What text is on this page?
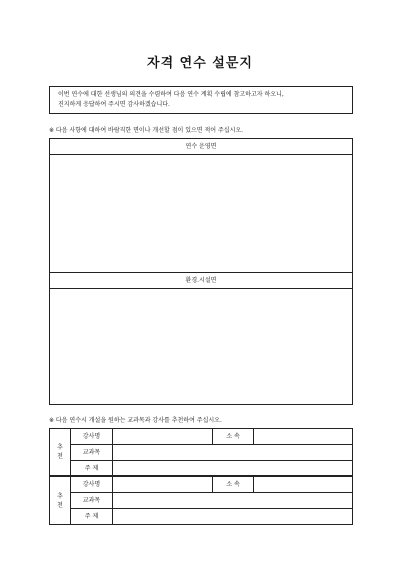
자격 연수 설문지
이번 연수에 대한 선생님의 의견을 수렴하여 다음 연수 계획 수립에 참고하고자 하오니,
진지하게 응답하여 주시면 감사하겠습니다.
※ 다음 사항에 대하여 바람직한 면이나 개선할 점이 있으면 적어 주십시오.
연수 운영면
환경.시설면
※ 다음 연수시 개설을 원하는 교과목과 강사를 추천하여 주십시오.
추
천
강사명	소 속
교과목
주 제
추
천
강사명	소 속
교과목
주 제
